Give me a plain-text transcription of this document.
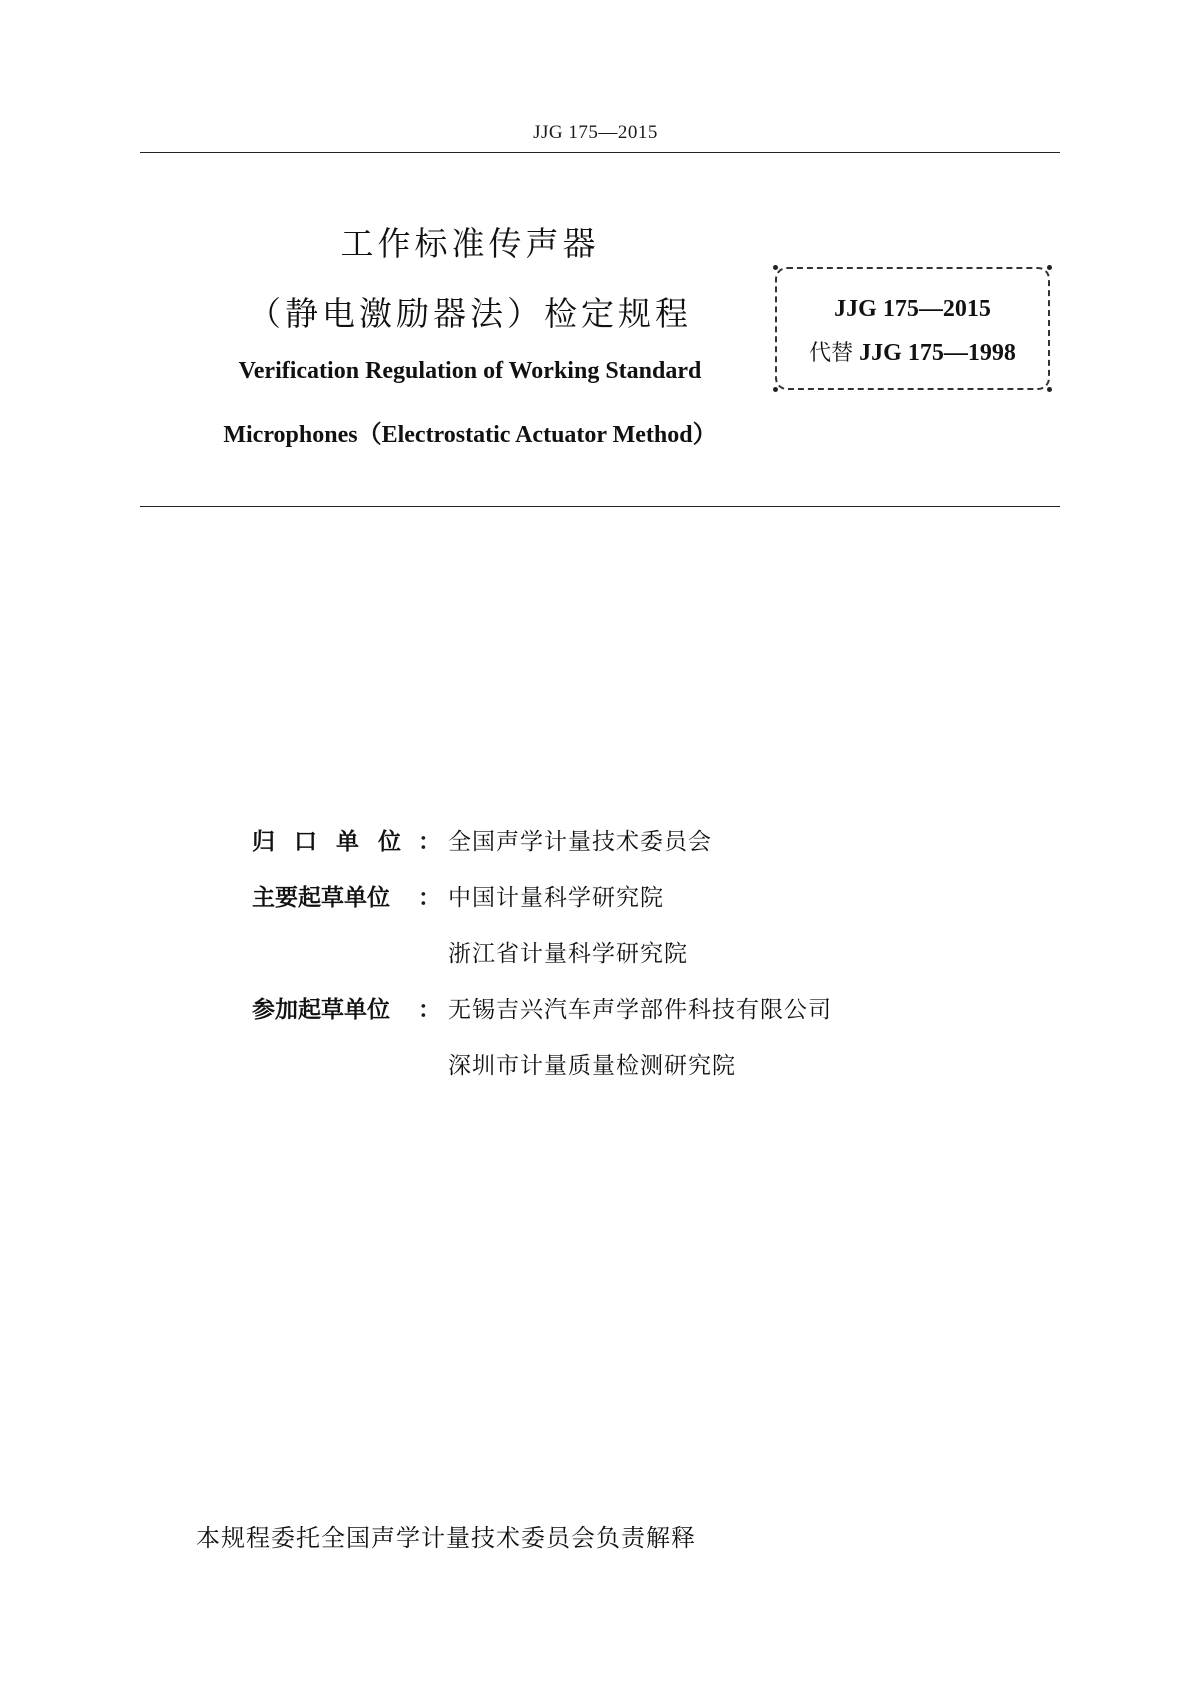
JJG 175—2015
工作标准传声器
（静电激励器法）检定规程
Verification Regulation of Working Standard
Microphones（Electrostatic Actuator Method）
JJG 175—2015
代替 JJG 175—1998
归口单位
： 全国声学计量技术委员会
主要起草单位 ： 中国计量科学研究院
浙江省计量科学研究院
参加起草单位 ： 无锡吉兴汽车声学部件科技有限公司
深圳市计量质量检测研究院
本规程委托全国声学计量技术委员会负责解释
